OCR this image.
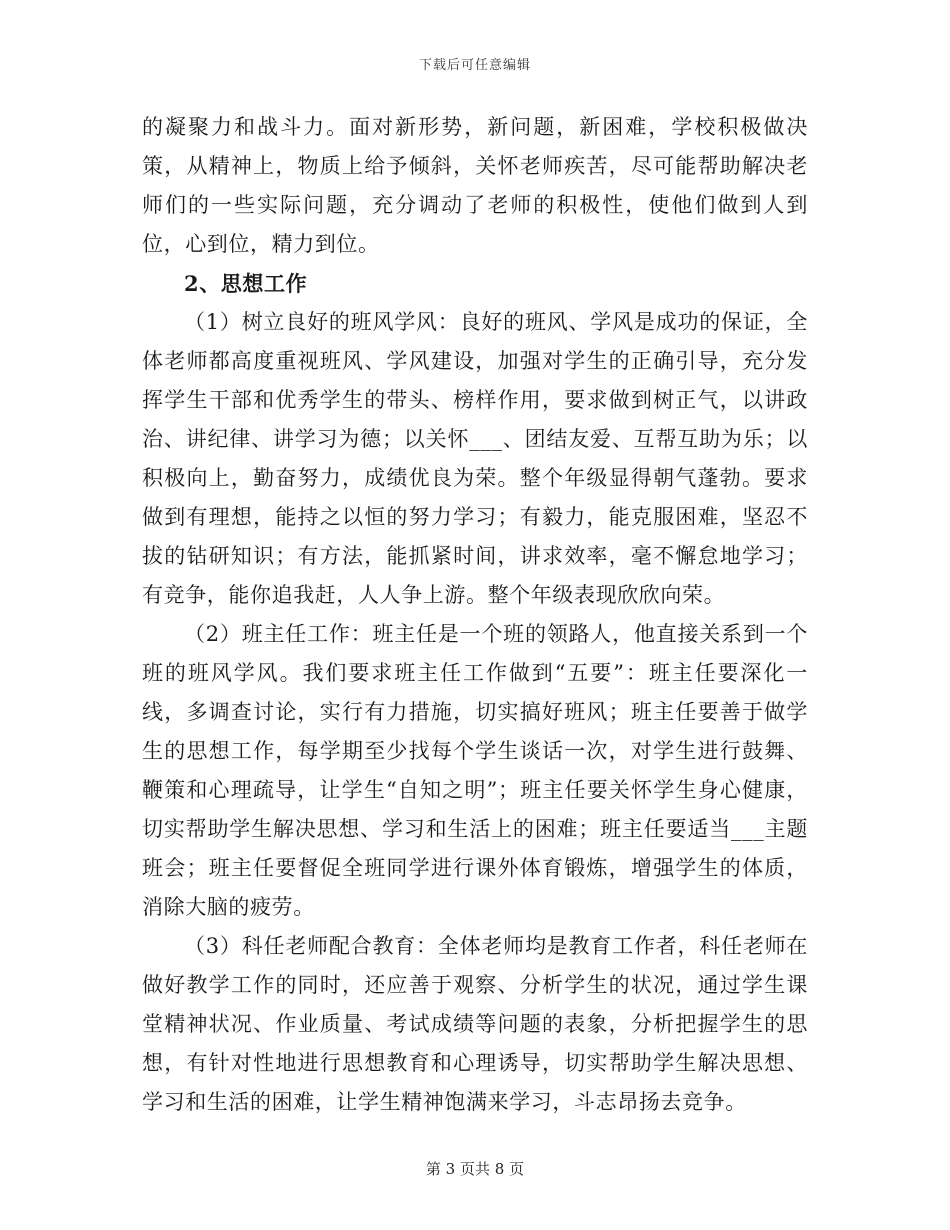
下载后可任意编辑

的凝聚力和战斗力。面对新形势，新问题，新困难，学校积极做决策，从精神上，物质上给予倾斜，关怀老师疾苦，尽可能帮助解决老师们的一些实际问题，充分调动了老师的积极性，使他们做到人到位，心到位，精力到位。

2、思想工作

（1）树立良好的班风学风：良好的班风、学风是成功的保证，全体老师都高度重视班风、学风建设，加强对学生的正确引导，充分发挥学生干部和优秀学生的带头、榜样作用，要求做到树正气，以讲政治、讲纪律、讲学习为德；以关怀___、团结友爱、互帮互助为乐；以积极向上，勤奋努力，成绩优良为荣。整个年级显得朝气蓬勃。要求做到有理想，能持之以恒的努力学习；有毅力，能克服困难，坚忍不拔的钻研知识；有方法，能抓紧时间，讲求效率，毫不懈怠地学习；有竞争，能你追我赶，人人争上游。整个年级表现欣欣向荣。

（2）班主任工作：班主任是一个班的领路人，他直接关系到一个班的班风学风。我们要求班主任工作做到“五要”：班主任要深化一线，多调查讨论，实行有力措施，切实搞好班风；班主任要善于做学生的思想工作，每学期至少找每个学生谈话一次，对学生进行鼓舞、鞭策和心理疏导，让学生“自知之明”；班主任要关怀学生身心健康，切实帮助学生解决思想、学习和生活上的困难；班主任要适当___主题班会；班主任要督促全班同学进行课外体育锻炼，增强学生的体质，消除大脑的疲劳。

（3）科任老师配合教育：全体老师均是教育工作者，科任老师在做好教学工作的同时，还应善于观察、分析学生的状况，通过学生课堂精神状况、作业质量、考试成绩等问题的表象，分析把握学生的思想，有针对性地进行思想教育和心理诱导，切实帮助学生解决思想、学习和生活的困难，让学生精神饱满来学习，斗志昂扬去竞争。

第 3 页共 8 页
